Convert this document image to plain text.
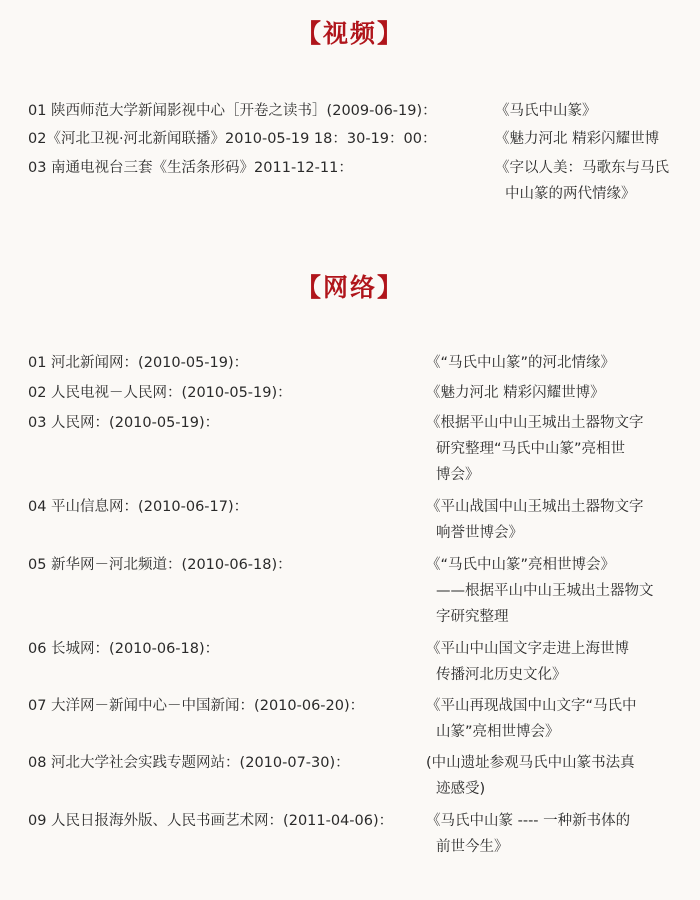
【视频】
01 陕西师范大学新闻影视中心［开卷之读书］(2009-06-19)：	《马氏中山篆》
02《河北卫视·河北新闻联播》2010-05-19 18：30-19：00：	《魅力河北 精彩闪耀世博
03 南通电视台三套《生活条形码》2011-12-11：	《字以人美：马歌东与马氏
中山篆的两代情缘》
【网络】
01 河北新闻网：(2010-05-19)：	《“马氏中山篆”的河北情缘》
02 人民电视－人民网：(2010-05-19)：	《魅力河北 精彩闪耀世博》
03 人民网：(2010-05-19)：	《根据平山中山王城出土器物文字
研究整理“马氏中山篆”亮相世
博会》
04 平山信息网：(2010-06-17)：	《平山战国中山王城出土器物文字
响誉世博会》
05 新华网－河北频道：(2010-06-18)：	《“马氏中山篆”亮相世博会》
——根据平山中山王城出土器物文
字研究整理
06 长城网：(2010-06-18)：	《平山中山国文字走进上海世博
传播河北历史文化》
07 大洋网－新闻中心－中国新闻：(2010-06-20)：	《平山再现战国中山文字“马氏中
山篆”亮相世博会》
08 河北大学社会实践专题网站：(2010-07-30)：	(中山遗址参观马氏中山篆书法真
迹感受)
09 人民日报海外版、人民书画艺术网：(2011-04-06)： 《马氏中山篆 ---- 一种新书体的
前世今生》
